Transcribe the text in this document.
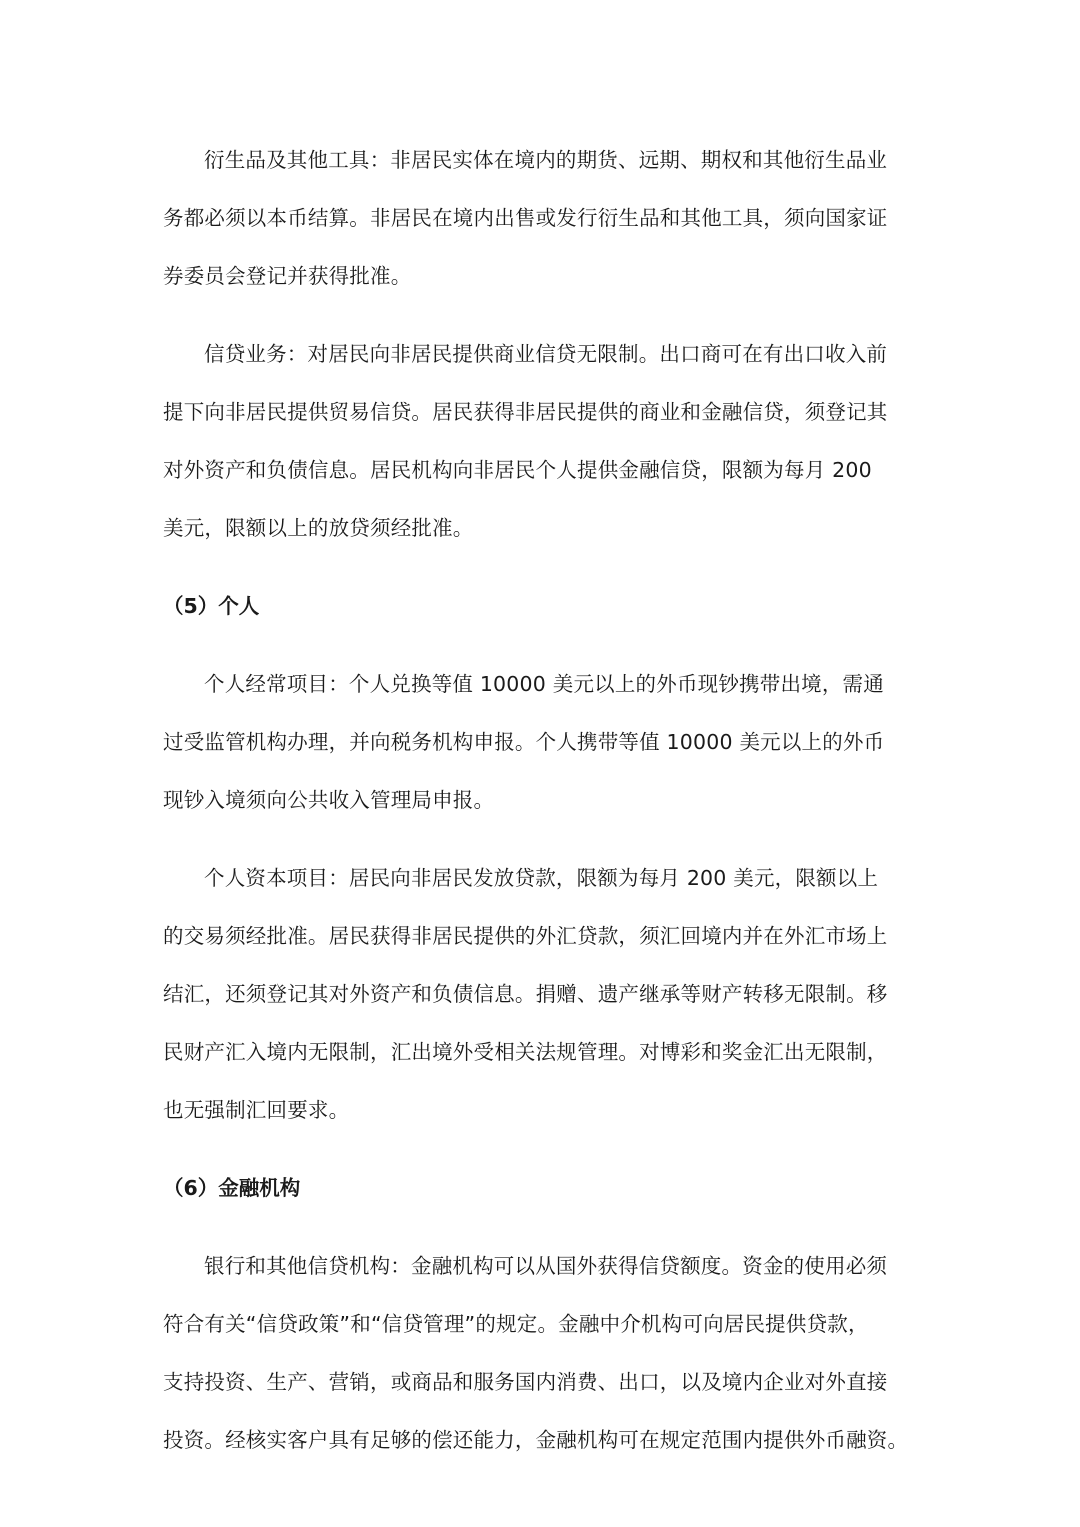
衍生品及其他工具：非居民实体在境内的期货、远期、期权和其他衍生品业
务都必须以本币结算。非居民在境内出售或发行衍生品和其他工具，须向国家证
券委员会登记并获得批准。

信贷业务：对居民向非居民提供商业信贷无限制。出口商可在有出口收入前
提下向非居民提供贸易信贷。居民获得非居民提供的商业和金融信贷，须登记其
对外资产和负债信息。居民机构向非居民个人提供金融信贷，限额为每月 200
美元，限额以上的放贷须经批准。

（5）个人

个人经常项目：个人兑换等值 10000 美元以上的外币现钞携带出境，需通
过受监管机构办理，并向税务机构申报。个人携带等值 10000 美元以上的外币
现钞入境须向公共收入管理局申报。

个人资本项目：居民向非居民发放贷款，限额为每月 200 美元，限额以上
的交易须经批准。居民获得非居民提供的外汇贷款，须汇回境内并在外汇市场上
结汇，还须登记其对外资产和负债信息。捐赠、遗产继承等财产转移无限制。移
民财产汇入境内无限制，汇出境外受相关法规管理。对博彩和奖金汇出无限制，
也无强制汇回要求。

（6）金融机构

银行和其他信贷机构：金融机构可以从国外获得信贷额度。资金的使用必须
符合有关“信贷政策”和“信贷管理”的规定。金融中介机构可向居民提供贷款，
支持投资、生产、营销，或商品和服务国内消费、出口，以及境内企业对外直接
投资。经核实客户具有足够的偿还能力，金融机构可在规定范围内提供外币融资。
